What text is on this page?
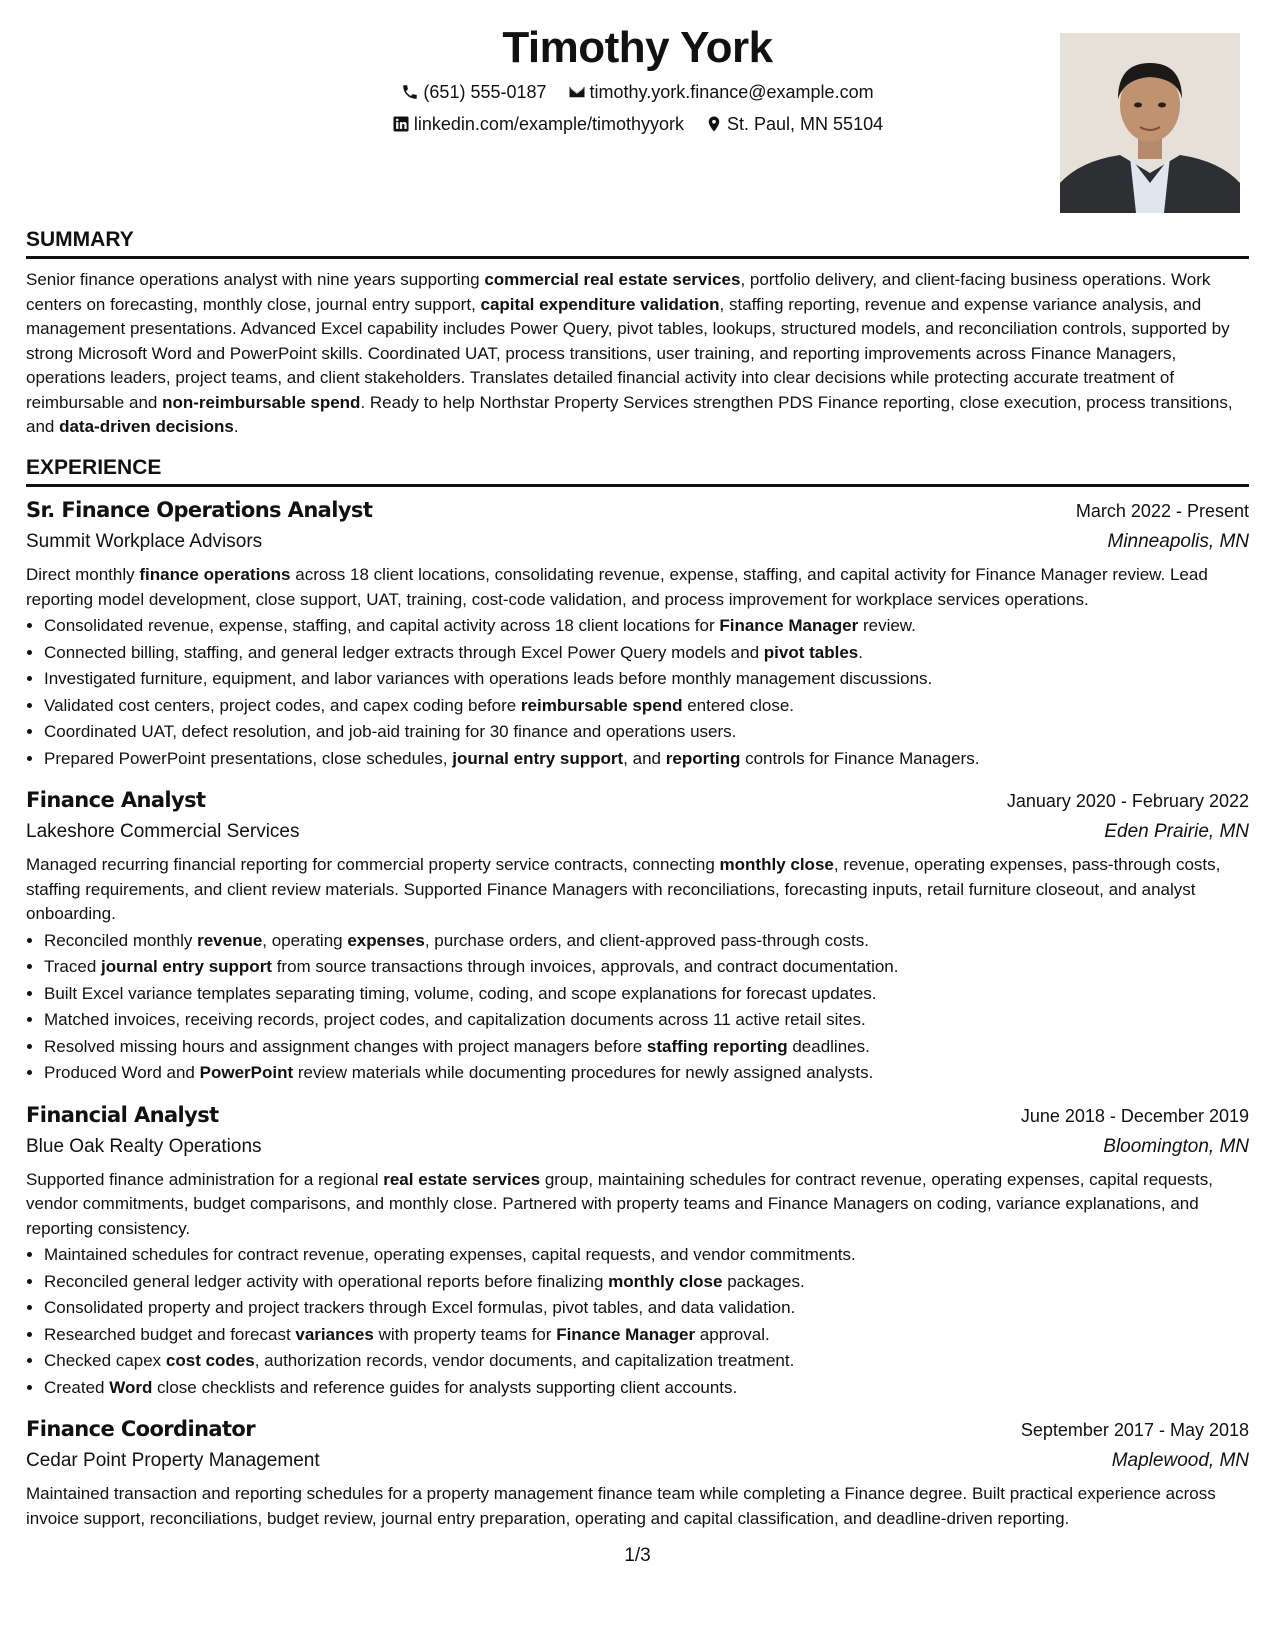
Timothy York
(651) 555-0187
timothy.york.finance@example.com
linkedin.com/example/timothyyork
St. Paul, MN 55104
SUMMARY

Senior finance operations analyst with nine years supporting commercial real estate services, portfolio delivery, and client-facing business operations. Work centers on forecasting, monthly close, journal entry support, capital expenditure validation, staffing reporting, revenue and expense variance analysis, and management presentations. Advanced Excel capability includes Power Query, pivot tables, lookups, structured models, and reconciliation controls, supported by strong Microsoft Word and PowerPoint skills. Coordinated UAT, process transitions, user training, and reporting improvements across Finance Managers, operations leaders, project teams, and client stakeholders. Translates detailed financial activity into clear decisions while protecting accurate treatment of reimbursable and non-reimbursable spend. Ready to help Northstar Property Services strengthen PDS Finance reporting, close execution, process transitions, and data-driven decisions.

EXPERIENCE
Sr. Finance Operations Analyst	March 2022 - Present
Summit Workplace Advisors	Minneapolis, MN

Direct monthly finance operations across 18 client locations, consolidating revenue, expense, staffing, and capital activity for Finance Manager review. Lead reporting model development, close support, UAT, training, cost-code validation, and process improvement for workplace services operations.

• Consolidated revenue, expense, staffing, and capital activity across 18 client locations for Finance Manager review.
• Connected billing, staffing, and general ledger extracts through Excel Power Query models and pivot tables.
• Investigated furniture, equipment, and labor variances with operations leads before monthly management discussions.
• Validated cost centers, project codes, and capex coding before reimbursable spend entered close.
• Coordinated UAT, defect resolution, and job-aid training for 30 finance and operations users.
• Prepared PowerPoint presentations, close schedules, journal entry support, and reporting controls for Finance Managers.
Finance Analyst	January 2020 - February 2022
Lakeshore Commercial Services	Eden Prairie, MN

Managed recurring financial reporting for commercial property service contracts, connecting monthly close, revenue, operating expenses, pass-through costs, staffing requirements, and client review materials. Supported Finance Managers with reconciliations, forecasting inputs, retail furniture closeout, and analyst onboarding.

• Reconciled monthly revenue, operating expenses, purchase orders, and client-approved pass-through costs.
• Traced journal entry support from source transactions through invoices, approvals, and contract documentation.
• Built Excel variance templates separating timing, volume, coding, and scope explanations for forecast updates.
• Matched invoices, receiving records, project codes, and capitalization documents across 11 active retail sites.
• Resolved missing hours and assignment changes with project managers before staffing reporting deadlines.
• Produced Word and PowerPoint review materials while documenting procedures for newly assigned analysts.
Financial Analyst	June 2018 - December 2019
Blue Oak Realty Operations	Bloomington, MN

Supported finance administration for a regional real estate services group, maintaining schedules for contract revenue, operating expenses, capital requests, vendor commitments, budget comparisons, and monthly close. Partnered with property teams and Finance Managers on coding, variance explanations, and reporting consistency.

• Maintained schedules for contract revenue, operating expenses, capital requests, and vendor commitments.
• Reconciled general ledger activity with operational reports before finalizing monthly close packages.
• Consolidated property and project trackers through Excel formulas, pivot tables, and data validation.
• Researched budget and forecast variances with property teams for Finance Manager approval.
• Checked capex cost codes, authorization records, vendor documents, and capitalization treatment.
• Created Word close checklists and reference guides for analysts supporting client accounts.
Finance Coordinator	September 2017 - May 2018
Cedar Point Property Management	Maplewood, MN

Maintained transaction and reporting schedules for a property management finance team while completing a Finance degree. Built practical experience across invoice support, reconciliations, budget review, journal entry preparation, operating and capital classification, and deadline-driven reporting.

1/3
